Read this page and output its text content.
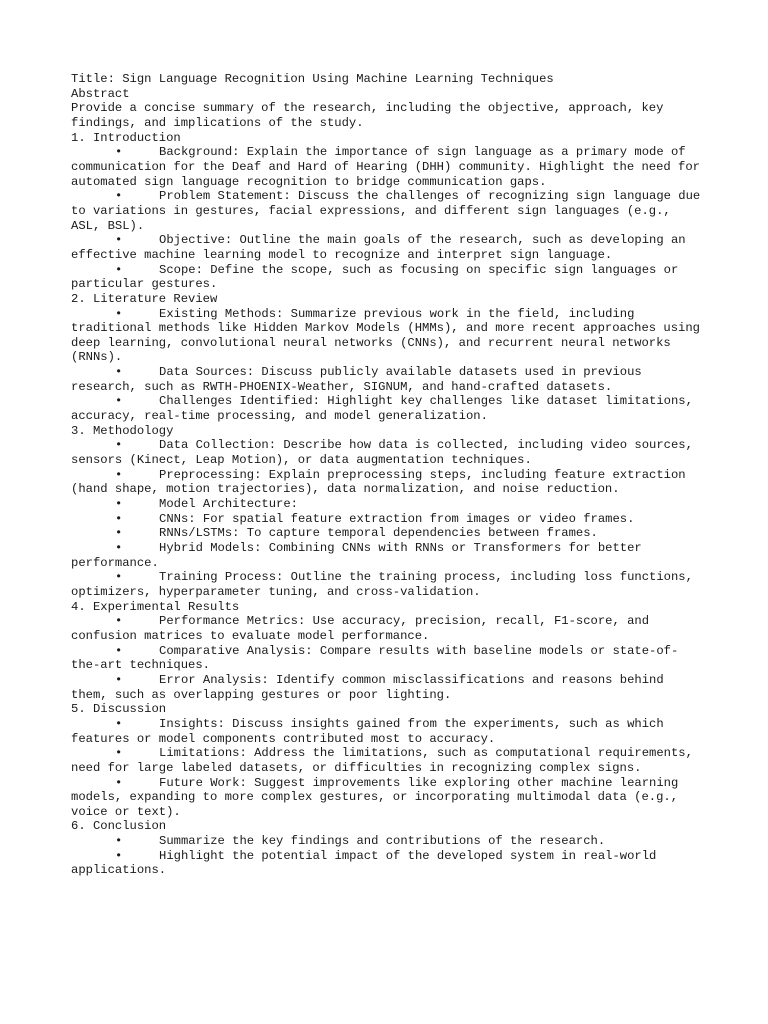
Title: Sign Language Recognition Using Machine Learning Techniques
Abstract
Provide a concise summary of the research, including the objective, approach, key findings, and implications of the study.
1. Introduction
•	Background: Explain the importance of sign language as a primary mode of communication for the Deaf and Hard of Hearing (DHH) community. Highlight the need for automated sign language recognition to bridge communication gaps.
•	Problem Statement: Discuss the challenges of recognizing sign language due to variations in gestures, facial expressions, and different sign languages (e.g., ASL, BSL).
•	Objective: Outline the main goals of the research, such as developing an effective machine learning model to recognize and interpret sign language.
•	Scope: Define the scope, such as focusing on specific sign languages or particular gestures.
2. Literature Review
•	Existing Methods: Summarize previous work in the field, including traditional methods like Hidden Markov Models (HMMs), and more recent approaches using deep learning, convolutional neural networks (CNNs), and recurrent neural networks (RNNs).
•	Data Sources: Discuss publicly available datasets used in previous research, such as RWTH-PHOENIX-Weather, SIGNUM, and hand-crafted datasets.
•	Challenges Identified: Highlight key challenges like dataset limitations, accuracy, real-time processing, and model generalization.
3. Methodology
•	Data Collection: Describe how data is collected, including video sources, sensors (Kinect, Leap Motion), or data augmentation techniques.
•	Preprocessing: Explain preprocessing steps, including feature extraction (hand shape, motion trajectories), data normalization, and noise reduction.
•	Model Architecture:
•	CNNs: For spatial feature extraction from images or video frames.
•	RNNs/LSTMs: To capture temporal dependencies between frames.
•	Hybrid Models: Combining CNNs with RNNs or Transformers for better performance.
•	Training Process: Outline the training process, including loss functions, optimizers, hyperparameter tuning, and cross-validation.
4. Experimental Results
•	Performance Metrics: Use accuracy, precision, recall, F1-score, and confusion matrices to evaluate model performance.
•	Comparative Analysis: Compare results with baseline models or state-of-the-art techniques.
•	Error Analysis: Identify common misclassifications and reasons behind them, such as overlapping gestures or poor lighting.
5. Discussion
•	Insights: Discuss insights gained from the experiments, such as which features or model components contributed most to accuracy.
•	Limitations: Address the limitations, such as computational requirements, need for large labeled datasets, or difficulties in recognizing complex signs.
•	Future Work: Suggest improvements like exploring other machine learning models, expanding to more complex gestures, or incorporating multimodal data (e.g., voice or text).
6. Conclusion
•	Summarize the key findings and contributions of the research.
•	Highlight the potential impact of the developed system in real-world applications.
